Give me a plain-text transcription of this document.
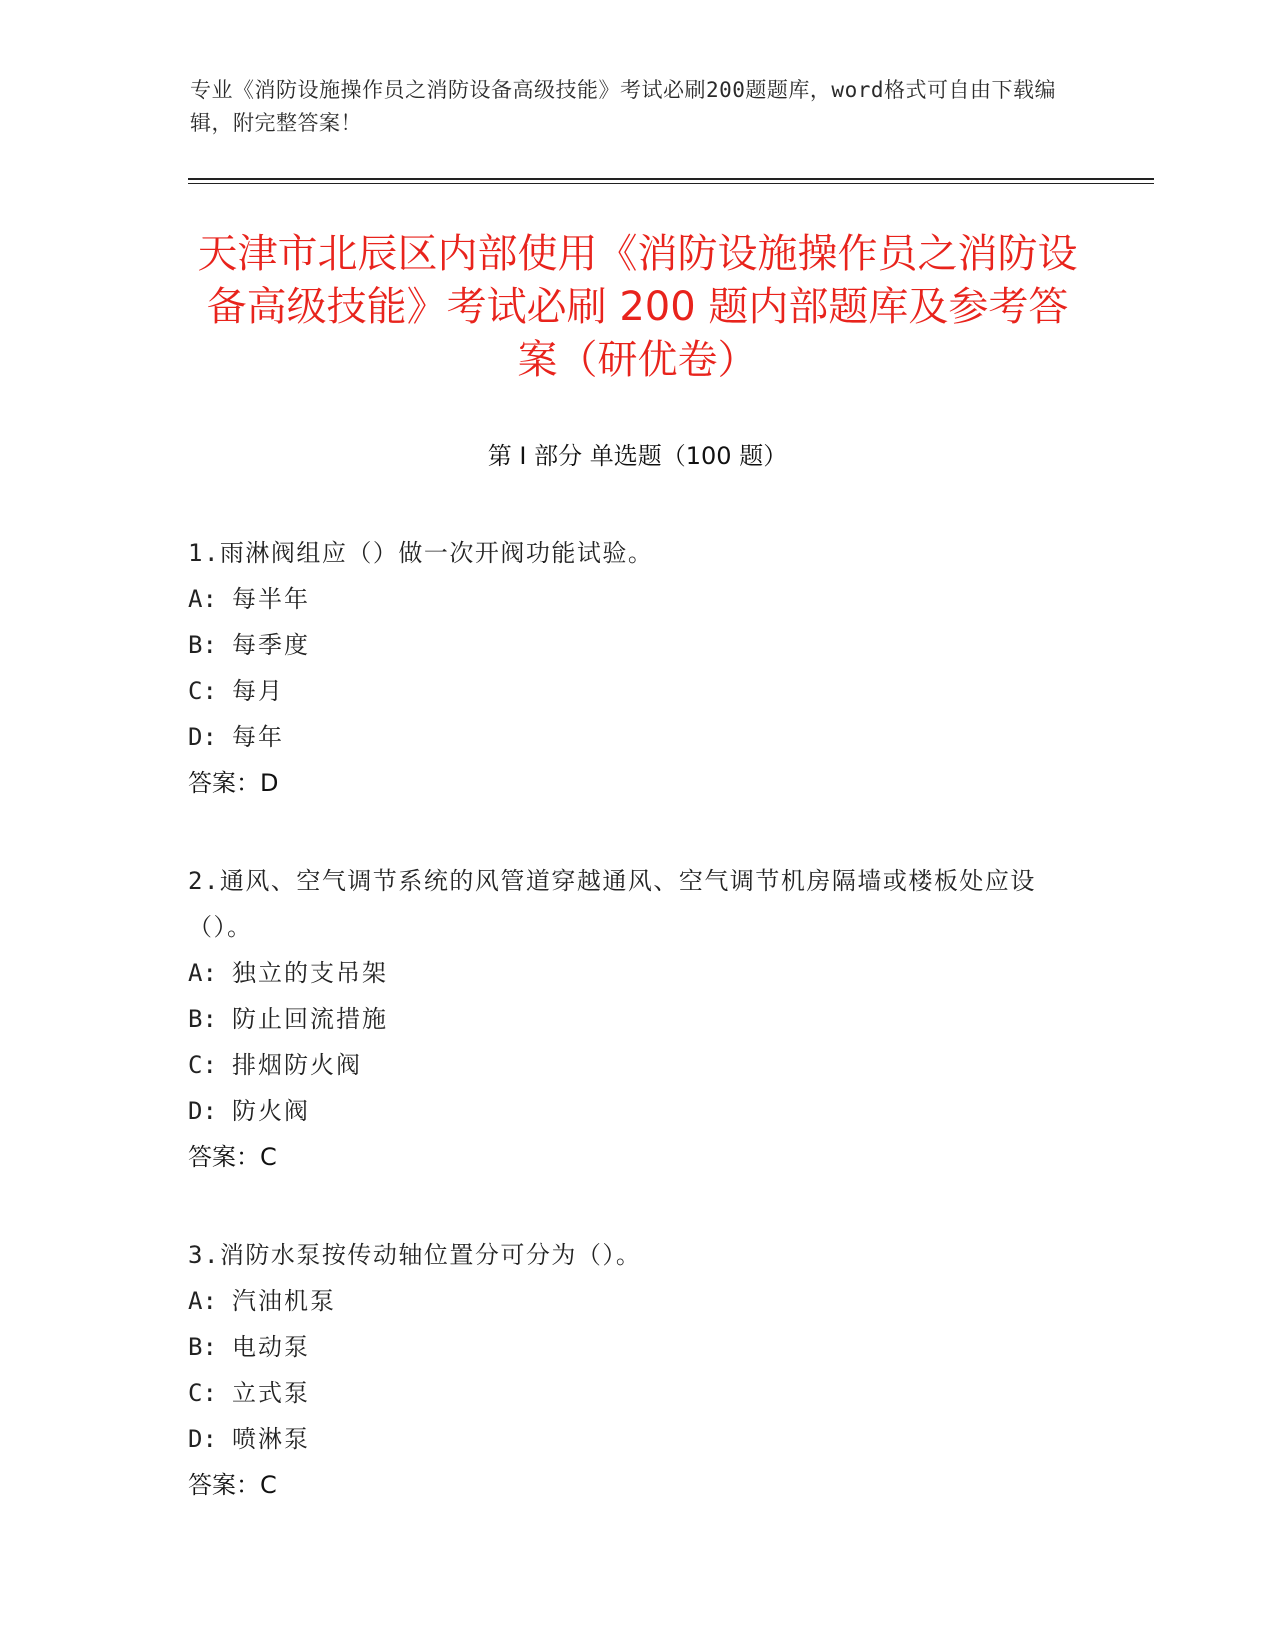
专业《消防设施操作员之消防设备高级技能》考试必刷200题题库，word格式可自由下载编辑，附完整答案！
天津市北辰区内部使用《消防设施操作员之消防设备高级技能》考试必刷 200 题内部题库及参考答案（研优卷）
第 I 部分 单选题（100 题）

1.雨淋阀组应（）做一次开阀功能试验。

A: 每半年

B: 每季度

C: 每月

D: 每年

答案：D

2.通风、空气调节系统的风管道穿越通风、空气调节机房隔墙或楼板处应设（）。

A: 独立的支吊架

B: 防止回流措施

C: 排烟防火阀

D: 防火阀

答案：C

3.消防水泵按传动轴位置分可分为（）。

A: 汽油机泵

B: 电动泵

C: 立式泵

D: 喷淋泵

答案：C
